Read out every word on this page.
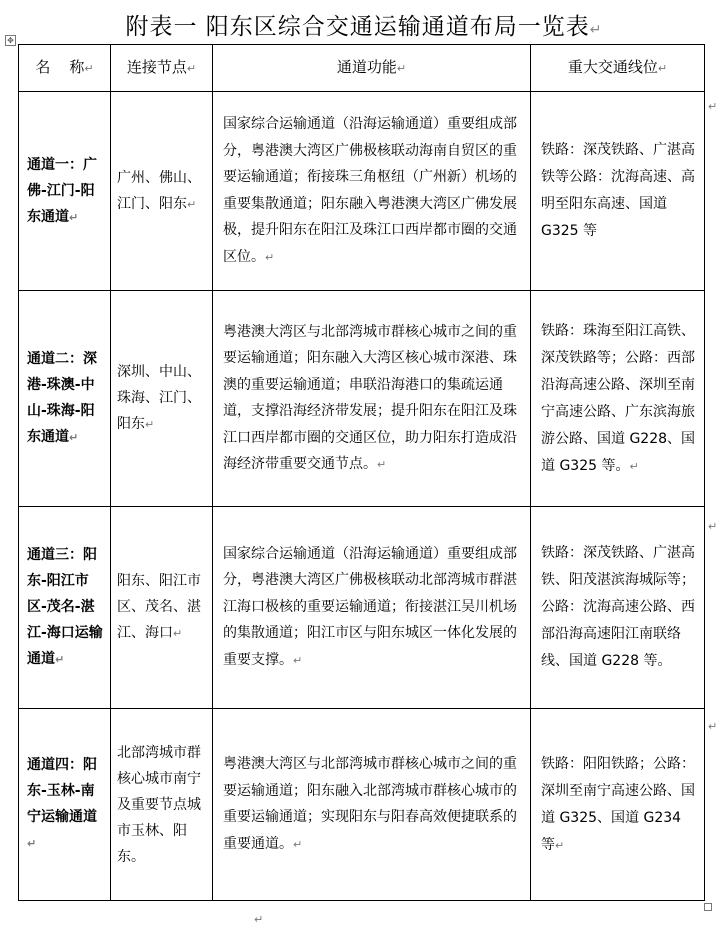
附表一 阳东区综合交通运输通道布局一览表↵
✥
名    称↵	连接节点↵	通道功能↵	重大交通线位↵
通道一：广佛-江门-阳东通道↵	广州、佛山、江门、阳东↵	国家综合运输通道（沿海运输通道）重要组成部分，粤港澳大湾区广佛极核联动海南自贸区的重要运输通道；衔接珠三角枢纽（广州新）机场的重要集散通道；阳东融入粤港澳大湾区广佛发展极，提升阳东在阳江及珠江口西岸都市圈的交通区位。↵	铁路：深茂铁路、广湛高铁等公路：沈海高速、高明至阳东高速、国道G325 等
通道二：深港-珠澳-中山-珠海-阳东通道↵	深圳、中山、珠海、江门、阳东↵	粤港澳大湾区与北部湾城市群核心城市之间的重要运输通道；阳东融入大湾区核心城市深港、珠澳的重要运输通道；串联沿海港口的集疏运通道，支撑沿海经济带发展；提升阳东在阳江及珠江口西岸都市圈的交通区位，助力阳东打造成沿海经济带重要交通节点。↵	铁路：珠海至阳江高铁、深茂铁路等；公路：西部沿海高速公路、深圳至南宁高速公路、广东滨海旅游公路、国道 G228、国道 G325 等。↵
通道三：阳东-阳江市区-茂名-湛江-海口运输通道↵	阳东、阳江市区、茂名、湛江、海口↵	国家综合运输通道（沿海运输通道）重要组成部分，粤港澳大湾区广佛极核联动北部湾城市群湛江海口极核的重要运输通道；衔接湛江吴川机场的集散通道；阳江市区与阳东城区一体化发展的重要支撑。↵	铁路：深茂铁路、广湛高铁、阳茂湛滨海城际等；公路：沈海高速公路、西部沿海高速阳江南联络线、国道 G228 等。
通道四：阳东-玉林-南宁运输通道↵	北部湾城市群核心城市南宁及重要节点城市玉林、阳东。	粤港澳大湾区与北部湾城市群核心城市之间的重要运输通道；阳东融入北部湾城市群核心城市的重要运输通道；实现阳东与阳春高效便捷联系的重要通道。↵	铁路：阳阳铁路；公路：深圳至南宁高速公路、国道 G325、国道 G234 等↵
↵
↵
↵
↵
